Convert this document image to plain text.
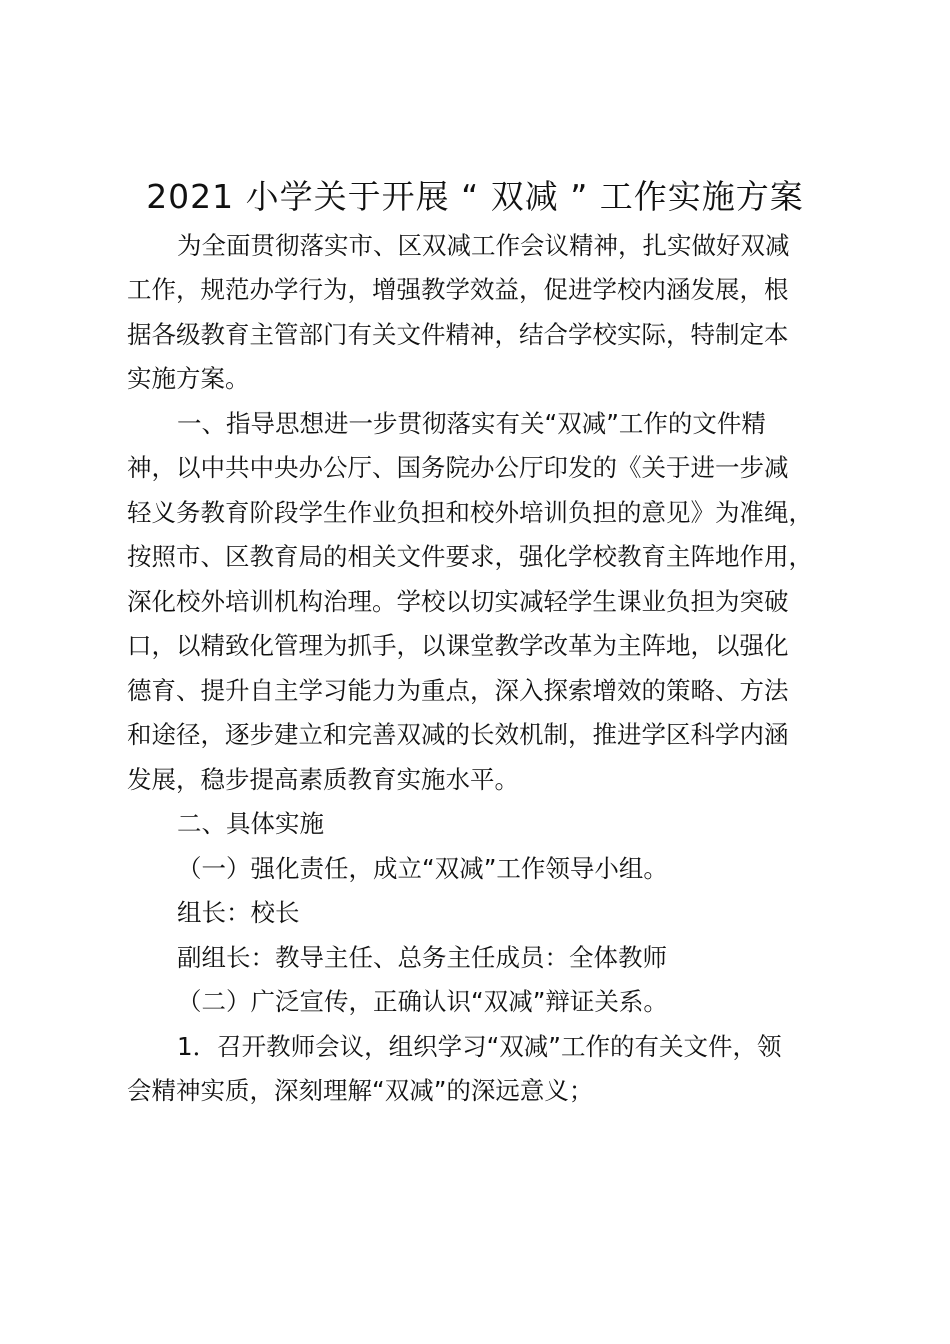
2021 小学关于开展 “ 双减 ” 工作实施方案
为全面贯彻落实市、区双减工作会议精神，扎实做好双减
工作，规范办学行为，增强教学效益，促进学校内涵发展，根
据各级教育主管部门有关文件精神，结合学校实际，特制定本
实施方案。
一、指导思想进一步贯彻落实有关“双减”工作的文件精
神，以中共中央办公厅、国务院办公厅印发的《关于进一步减
轻义务教育阶段学生作业负担和校外培训负担的意见》为准绳，
按照市、区教育局的相关文件要求，强化学校教育主阵地作用，
深化校外培训机构治理。学校以切实减轻学生课业负担为突破
口，以精致化管理为抓手，以课堂教学改革为主阵地，以强化
德育、提升自主学习能力为重点，深入探索增效的策略、方法
和途径，逐步建立和完善双减的长效机制，推进学区科学内涵
发展，稳步提高素质教育实施水平。
二、具体实施
（一）强化责任，成立“双减”工作领导小组。
组长：校长
副组长：教导主任、总务主任成员：全体教师
（二）广泛宣传，正确认识“双减”辩证关系。
1．召开教师会议，组织学习“双减”工作的有关文件，领
会精神实质，深刻理解“双减”的深远意义；
